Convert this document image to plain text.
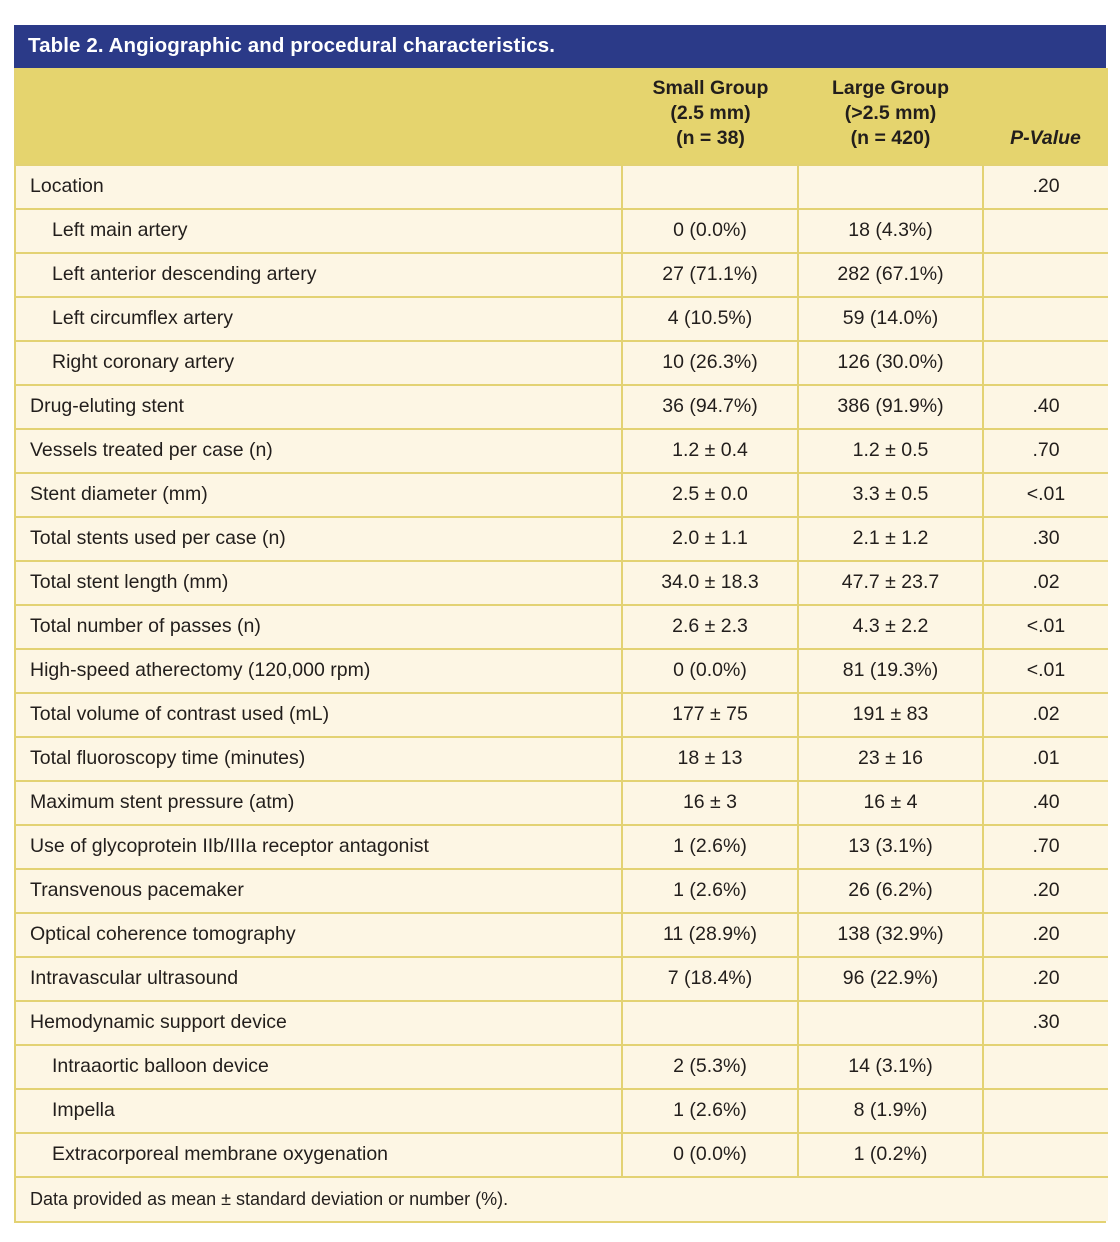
Table 2. Angiographic and procedural characteristics.
	Small Group
(2.5 mm)
(n = 38)	Large Group
(>2.5 mm)
(n = 420)	P-Value
Location			.20
Left main artery	0 (0.0%)	18 (4.3%)	
Left anterior descending artery	27 (71.1%)	282 (67.1%)	
Left circumflex artery	4 (10.5%)	59 (14.0%)	
Right coronary artery	10 (26.3%)	126 (30.0%)	
Drug-eluting stent	36 (94.7%)	386 (91.9%)	.40
Vessels treated per case (n)	1.2 ± 0.4	1.2 ± 0.5	.70
Stent diameter (mm)	2.5 ± 0.0	3.3 ± 0.5	<.01
Total stents used per case (n)	2.0 ± 1.1	2.1 ± 1.2	.30
Total stent length (mm)	34.0 ± 18.3	47.7 ± 23.7	.02
Total number of passes (n)	2.6 ± 2.3	4.3 ± 2.2	<.01
High-speed atherectomy (120,000 rpm)	0 (0.0%)	81 (19.3%)	<.01
Total volume of contrast used (mL)	177 ± 75	191 ± 83	.02
Total fluoroscopy time (minutes)	18 ± 13	23 ± 16	.01
Maximum stent pressure (atm)	16 ± 3	16 ± 4	.40
Use of glycoprotein IIb/IIIa receptor antagonist	1 (2.6%)	13 (3.1%)	.70
Transvenous pacemaker	1 (2.6%)	26 (6.2%)	.20
Optical coherence tomography	11 (28.9%)	138 (32.9%)	.20
Intravascular ultrasound	7 (18.4%)	96 (22.9%)	.20
Hemodynamic support device			.30
Intraaortic balloon device	2 (5.3%)	14 (3.1%)	
Impella	1 (2.6%)	8 (1.9%)	
Extracorporeal membrane oxygenation	0 (0.0%)	1 (0.2%)	
Data provided as mean ± standard deviation or number (%).			
